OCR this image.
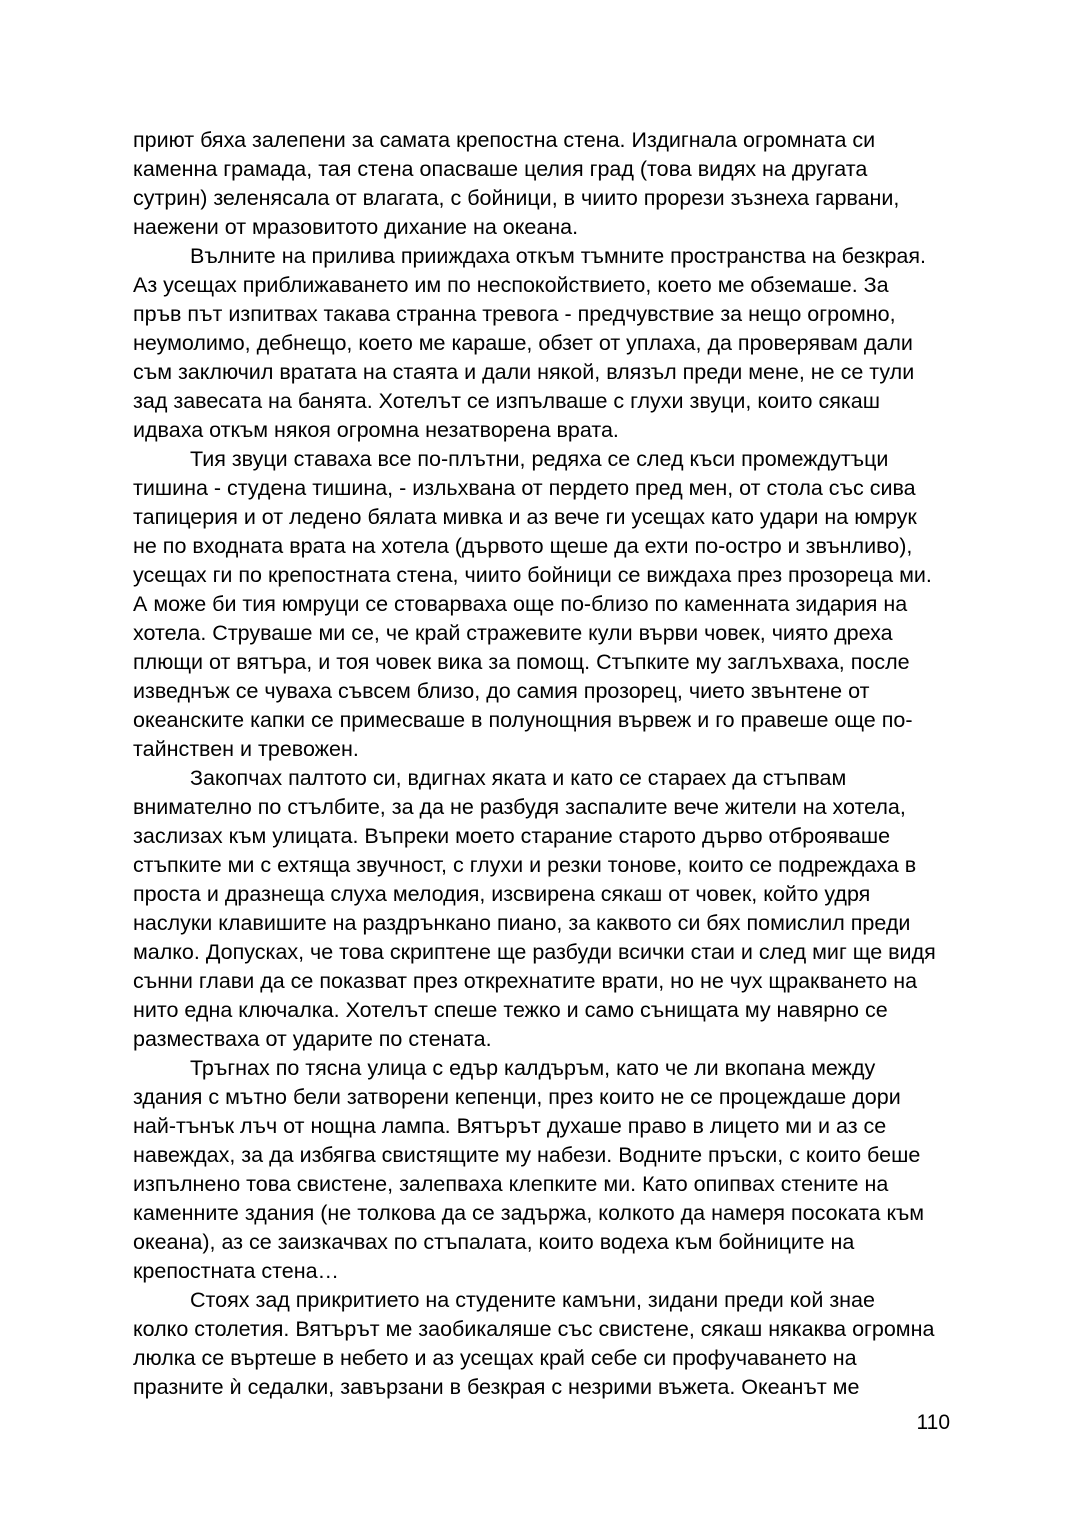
приют бяха залепени за самата крепостна стена. Издигнала огромната си
каменна грамада, тая стена опасваше целия град (това видях на другата
сутрин) зеленясала от влагата, с бойници, в чиито прорези зъзнеха гарвани,
наежени от мразовитото дихание на океана.
Вълните на прилива прииждаха откъм тъмните пространства на безкрая.
Аз усещах приближаването им по неспокойствието, което ме обземаше. За
пръв път изпитвах такава странна тревога - предчувствие за нещо огромно,
неумолимо, дебнещо, което ме караше, обзет от уплаха, да проверявам дали
съм заключил вратата на стаята и дали някой, влязъл преди мене, не се тули
зад завесата на банята. Хотелът се изпълваше с глухи звуци, които сякаш
идваха откъм някоя огромна незатворена врата.
Тия звуци ставаха все по-плътни, редяха се след къси промеждутъци
тишина - студена тишина, - изльхвана от пердето пред мен, от стола със сива
тапицерия и от ледено бялата мивка и аз вече ги усещах като удари на юмрук
не по входната врата на хотела (дървото щеше да ехти по-остро и звънливо),
усещах ги по крепостната стена, чиито бойници се виждаха през прозореца ми.
А може би тия юмруци се стоварваха още по-близо по каменната зидария на
хотела. Струваше ми се, че край стражевите кули върви човек, чиято дреха
плющи от вятъра, и тоя човек вика за помощ. Стъпките му заглъхваха, после
изведнъж се чуваха съвсем близо, до самия прозорец, чието звънтене от
океанските капки се примесваше в полунощния вървеж и го правеше още по-
тайнствен и тревожен.
Закопчах палтото си, вдигнах яката и като се стараех да стъпвам
внимателно по стълбите, за да не разбудя заспалите вече жители на хотела,
заслизах към улицата. Въпреки моето старание старото дърво отброяваше
стъпките ми с ехтяща звучност, с глухи и резки тонове, които се подреждаха в
проста и дразнеща слуха мелодия, изсвирена сякаш от човек, който удря
наслуки клавишите на раздрънкано пиано, за каквото си бях помислил преди
малко. Допусках, че това скриптене ще разбуди всички стаи и след миг ще видя
сънни глави да се показват през открехнатите врати, но не чух щракването на
нито една ключалка. Хотелът спеше тежко и само сънищата му навярно се
разместваха от ударите по стената.
Тръгнах по тясна улица с едър калдъръм, като че ли вкопана между
здания с мътно бели затворени кепенци, през които не се процеждаше дори
най-тънък лъч от нощна лампа. Вятърът духаше право в лицето ми и аз се
навеждах, за да избягва свистящите му набези. Водните пръски, с които беше
изпълнено това свистене, залепваха клепките ми. Като опипвах стените на
каменните здания (не толкова да се задържа, колкото да намеря посоката към
океана), аз се заизкачвах по стъпалата, които водеха към бойниците на
крепостната стена…
Стоях зад прикритието на студените камъни, зидани преди кой знае
колко столетия. Вятърът ме заобикаляше със свистене, сякаш някаква огромна
люлка се въртеше в небето и аз усещах край себе си профучаването на
празните ѝ седалки, завързани в безкрая с незрими въжета. Океанът ме
110
